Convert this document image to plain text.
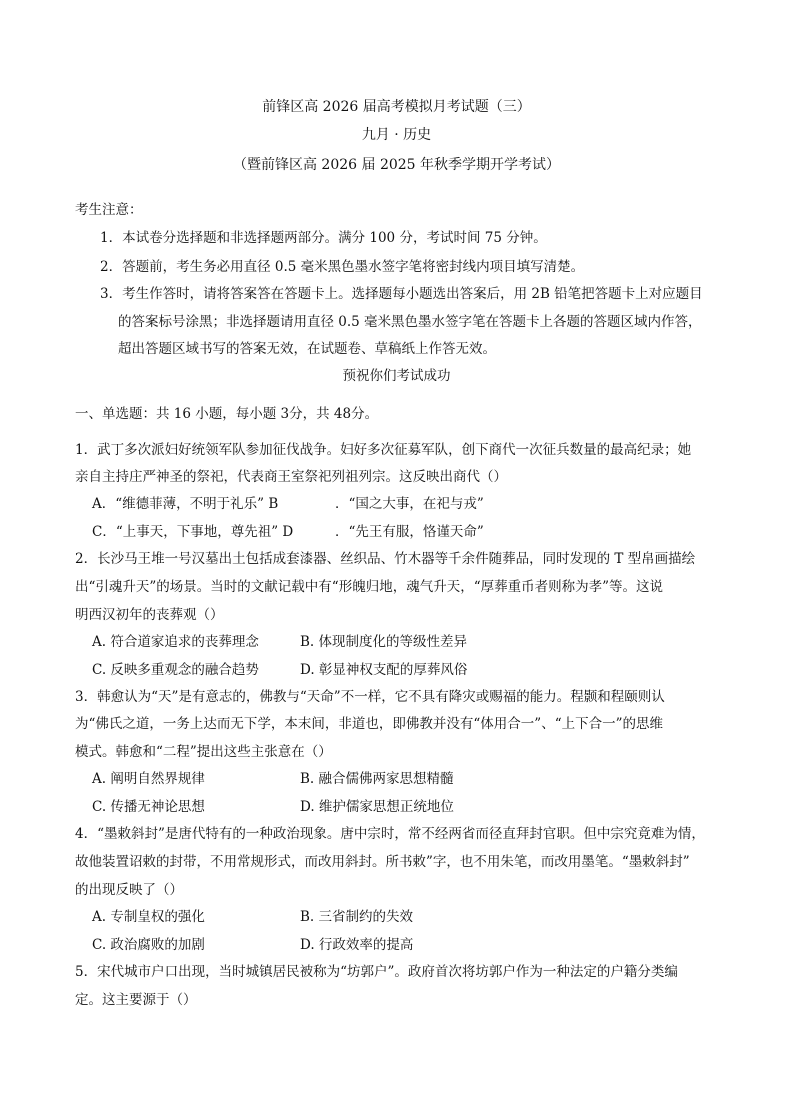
前锋区高 2026 届高考模拟月考试题（三）
九月 · 历史
（暨前锋区高 2026 届 2025 年秋季学期开学考试）
考生注意：
1．本试卷分选择题和非选择题两部分。满分 100 分，考试时间 75 分钟。
2．答题前，考生务必用直径 0.5 毫米黑色墨水签字笔将密封线内项目填写清楚。
3．考生作答时，请将答案答在答题卡上。选择题每小题选出答案后，用 2B 铅笔把答题卡上对应题目
的答案标号涂黑；非选择题请用直径 0.5 毫米黑色墨水签字笔在答题卡上各题的答题区域内作答，
超出答题区域书写的答案无效，在试题卷、草稿纸上作答无效。
预祝你们考试成功
一、单选题：共 16 小题，每小题 3分，共 48分。
1．武丁多次派妇好统领军队参加征伐战争。妇好多次征募军队，创下商代一次征兵数量的最高纪录；她
亲自主持庄严神圣的祭祀，代表商王室祭祀列祖列宗。这反映出商代（）
A．“维德菲薄，不明于礼乐” B	．“国之大事，在祀与戎”
C．“上事天，下事地，尊先祖” D	．“先王有服，恪谨天命”
2．长沙马王堆一号汉墓出土包括成套漆器、丝织品、竹木器等千余件随葬品，同时发现的 T 型帛画描绘
出“引魂升天”的场景。当时的文献记载中有“形魄归地，魂气升天，“厚葬重币者则称为孝”等。这说
明西汉初年的丧葬观（）
A. 符合道家追求的丧葬理念	B. 体现制度化的等级性差异
C. 反映多重观念的融合趋势	D. 彰显神权支配的厚葬风俗
3．韩愈认为“天”是有意志的，佛教与“天命”不一样，它不具有降灾或赐福的能力。程颢和程颐则认
为“佛氏之道，一务上达而无下学，本末间，非道也，即佛教并没有“体用合一”、“上下合一”的思维
模式。韩愈和“二程”提出这些主张意在（）
A. 阐明自然界规律	B. 融合儒佛两家思想精髓
C. 传播无神论思想	D. 维护儒家思想正统地位
4．“墨敕斜封”是唐代特有的一种政治现象。唐中宗时，常不经两省而径直拜封官职。但中宗究竟难为情，
故他装置诏敕的封带，不用常规形式，而改用斜封。所书敕”字，也不用朱笔，而改用墨笔。“墨敕斜封”
的出现反映了（）
A. 专制皇权的强化	B. 三省制约的失效
C. 政治腐败的加剧	D. 行政效率的提高
5．宋代城市户口出现，当时城镇居民被称为“坊郭户”。政府首次将坊郭户作为一种法定的户籍分类编
定。这主要源于（）
